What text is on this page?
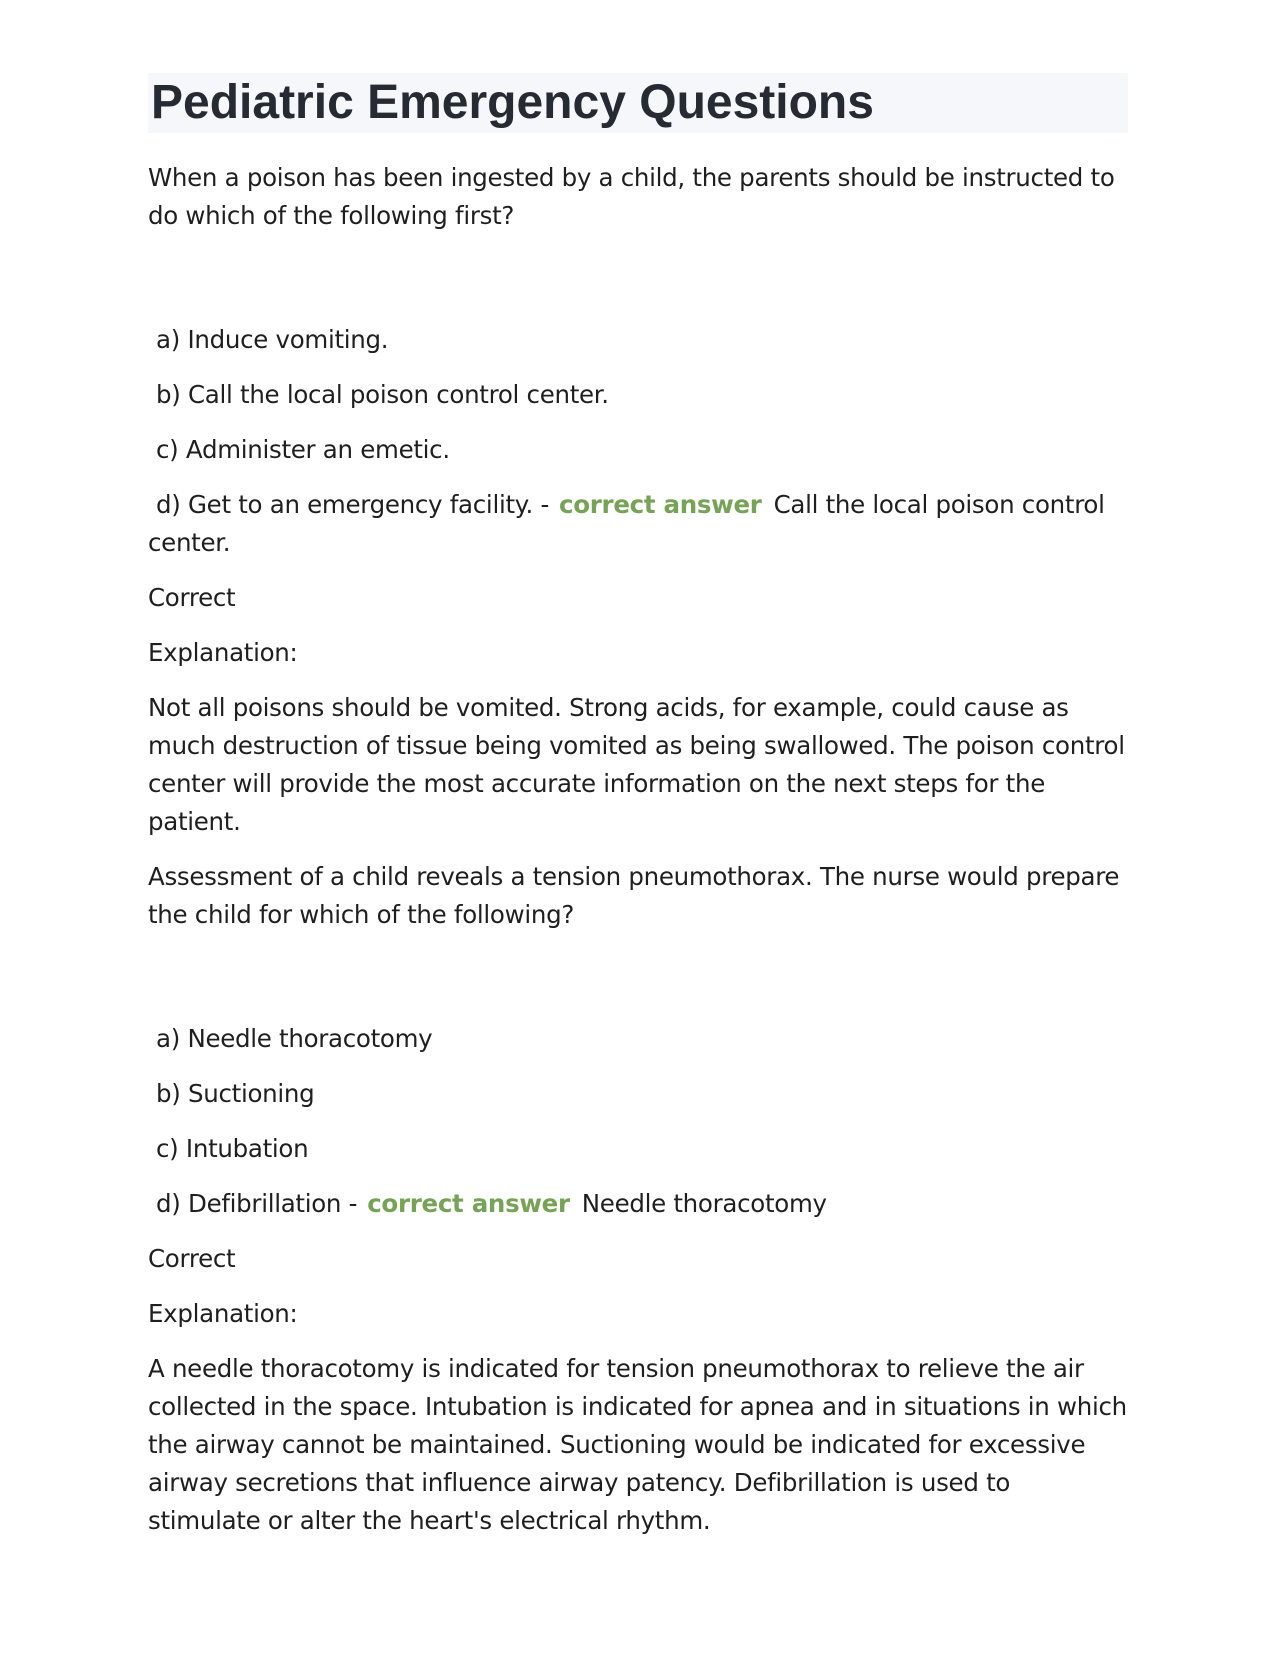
Pediatric Emergency Questions

When a poison has been ingested by a child, the parents should be instructed to do which of the following first?

a) Induce vomiting.

b) Call the local poison control center.

c) Administer an emetic.

d) Get to an emergency facility. - correct answer Call the local poison control center.

Correct

Explanation:

Not all poisons should be vomited. Strong acids, for example, could cause as much destruction of tissue being vomited as being swallowed. The poison control center will provide the most accurate information on the next steps for the patient.

Assessment of a child reveals a tension pneumothorax. The nurse would prepare the child for which of the following?

a) Needle thoracotomy

b) Suctioning

c) Intubation

d) Defibrillation - correct answer Needle thoracotomy

Correct

Explanation:

A needle thoracotomy is indicated for tension pneumothorax to relieve the air collected in the space. Intubation is indicated for apnea and in situations in which the airway cannot be maintained. Suctioning would be indicated for excessive airway secretions that influence airway patency. Defibrillation is used to stimulate or alter the heart's electrical rhythm.
